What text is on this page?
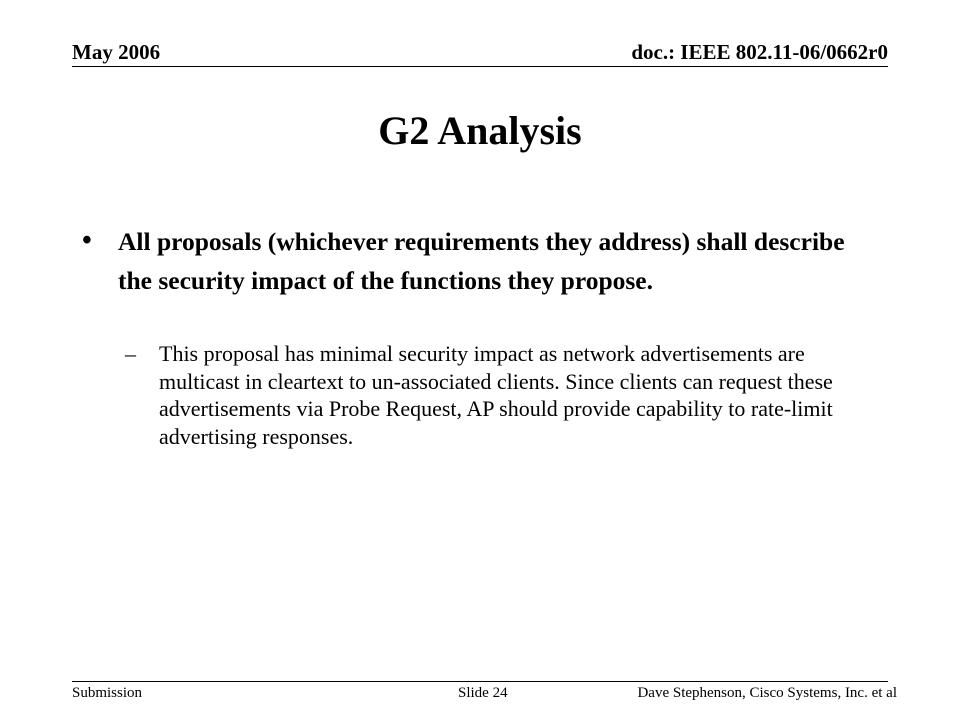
May 2006	doc.: IEEE 802.11-06/0662r0
G2 Analysis
• All proposals (whichever requirements they address) shall describe the security impact of the functions they propose.
– This proposal has minimal security impact as network advertisements are multicast in cleartext to un-associated clients. Since clients can request these advertisements via Probe Request, AP should provide capability to rate-limit advertising responses.
Submission	Slide 24	Dave Stephenson, Cisco Systems, Inc. et al
